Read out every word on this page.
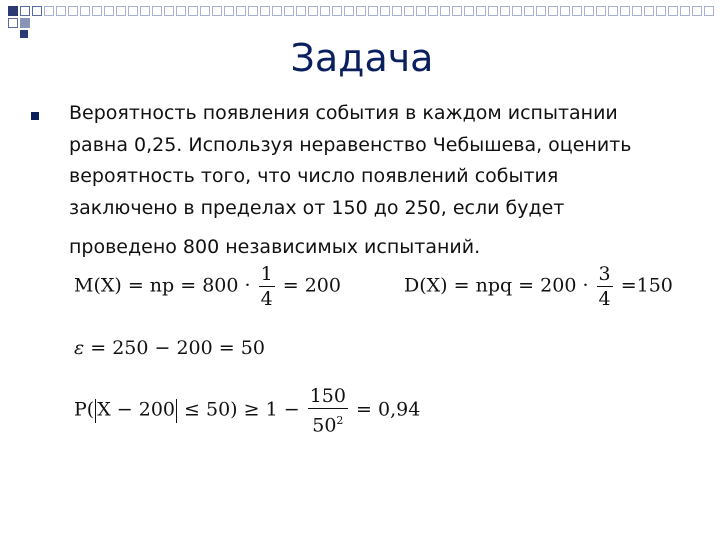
Задача
Вероятность появления события в каждом испытании
равна 0,25. Используя неравенство Чебышева, оценить
вероятность того, что число появлений события
заключено в пределах от 150 до 250, если будет
проведено 800 независимых испытаний.
M(X) = np = $800 \cdot \frac{1}{4} = 200$	D(X) = npq = $200 \cdot \frac{3}{4} =150$
ε = 250 − 200 = 50
P( $X - 200 \le 50) \ge 1 - \frac{150}{50^2} = 0,94$
